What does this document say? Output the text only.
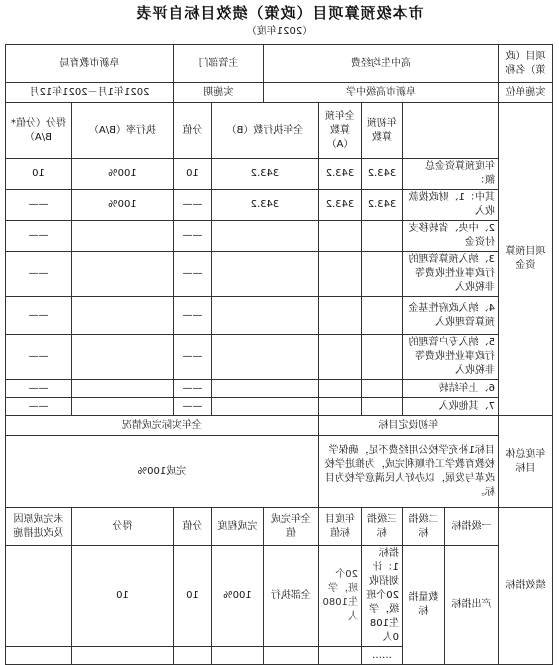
市本级预算项目（政策）绩效目标自评表
（2021年度）
项目（政策）名称	高中生均经费					主管部门		阜新市教育局	
实施单位	阜新市高级中学					实施期		2021年1月－2021年12月	
项目预算资金			年初预算数	全年预算数（A）	全年执行数（B）		分值	执行率（B/A）	得分（分值*B/A）
	年度预算资金总额：		343.2	343.2	343.2		10	100%	10
	其中：1、财政拨款收入		343.2	343.2	343.2		——	100%	——
	2、中央、省转移支付资金						——		——
	3、纳入预算管理的行政事业性收费等非税收入						——		——
	4、纳入政府性基金预算管理收入						——		——
	5、纳入专户管理的行政事业性收费等非税收入						——		——
	6、上年结转						——		——
	7、其他收入						——		——
年度总体目标	年初设定目标				全年实际完成情况				
	目标1补充学校公用经费不足，确保学校教育教学工作顺利完成，为推进学校改革与发展，以办好人民满意学校为目标。				完成100%				
绩效指标	一级指标	二级指标	三级指标	年度目标值	全年完成值	完成程度	分值	得分	未完成原因及改进措施
	产出指标	数量指标	指标1：计划招收20个班级，学生1080人	20个班，学生1080人	全部执行	100%	10	10	
			……						
